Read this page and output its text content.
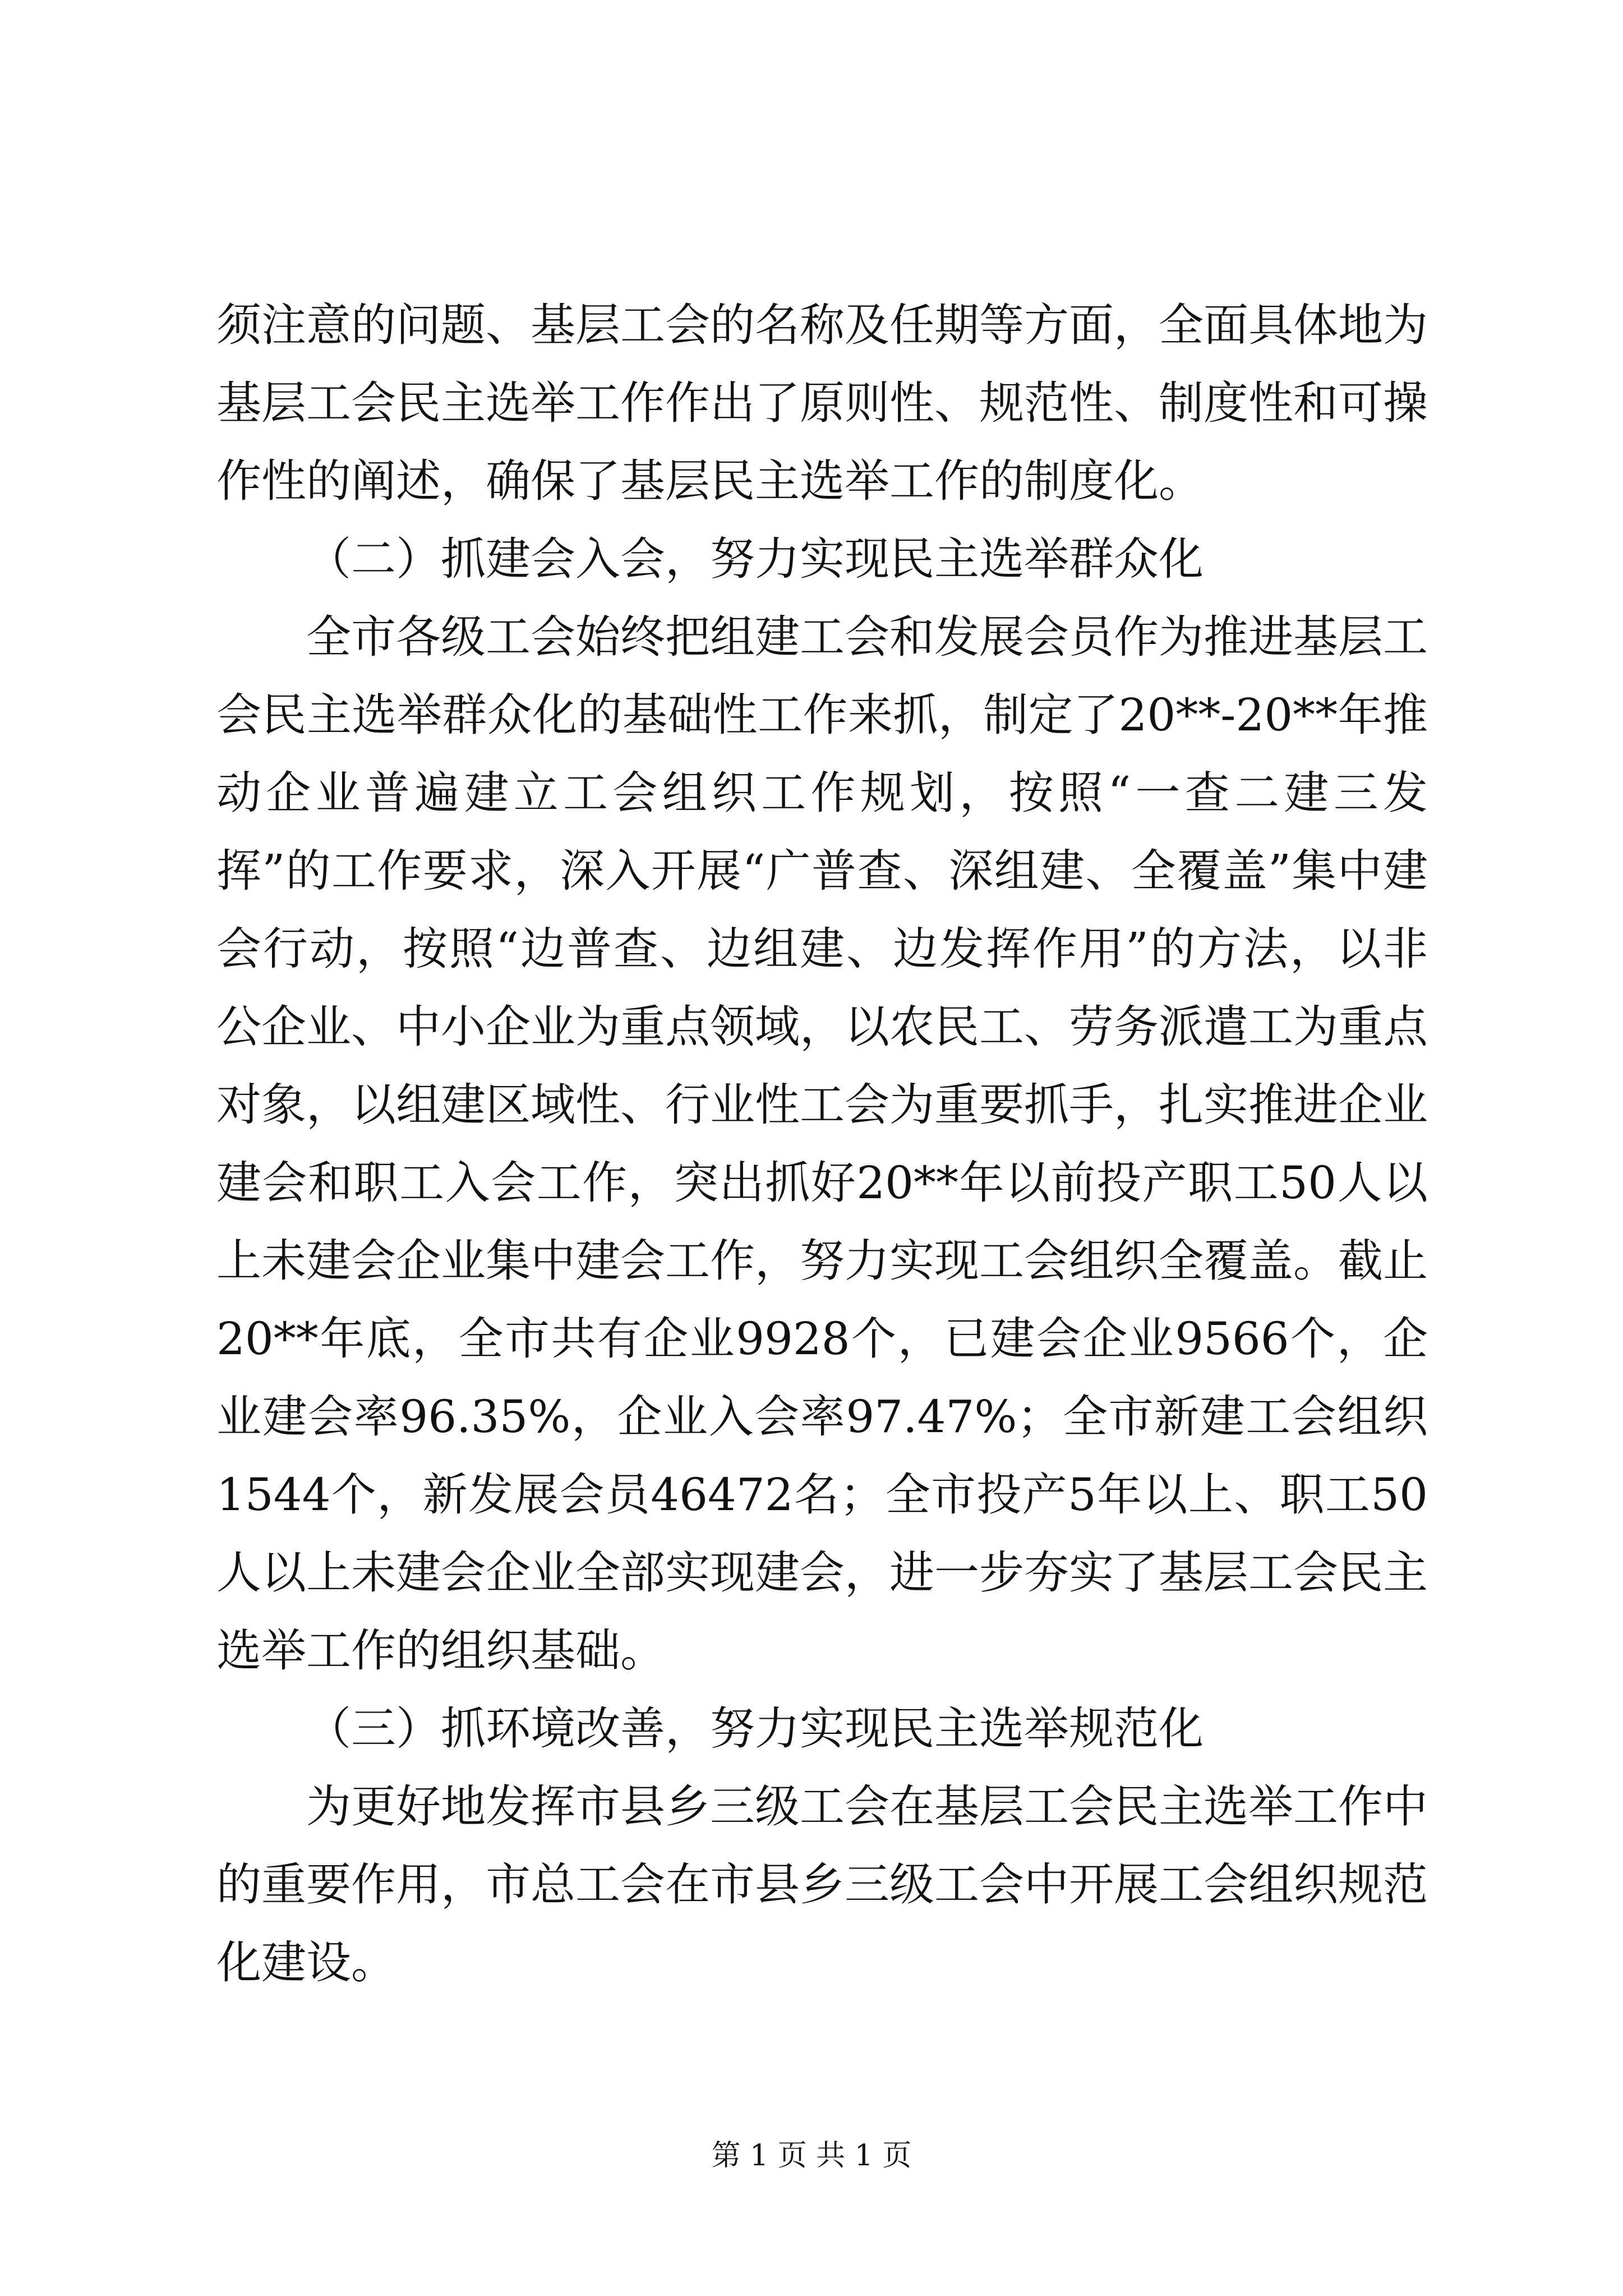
须注意的问题、基层工会的名称及任期等方面，全面具体地为基层工会民主选举工作作出了原则性、规范性、制度性和可操作性的阐述，确保了基层民主选举工作的制度化。

（二）抓建会入会，努力实现民主选举群众化

全市各级工会始终把组建工会和发展会员作为推进基层工会民主选举群众化的基础性工作来抓，制定了20**-20**年推动企业普遍建立工会组织工作规划，按照“一查二建三发挥”的工作要求，深入开展“广普查、深组建、全覆盖”集中建会行动，按照“边普查、边组建、边发挥作用”的方法，以非公企业、中小企业为重点领域，以农民工、劳务派遣工为重点对象，以组建区域性、行业性工会为重要抓手，扎实推进企业建会和职工入会工作，突出抓好20**年以前投产职工50人以上未建会企业集中建会工作，努力实现工会组织全覆盖。截止20**年底，全市共有企业9928个，已建会企业9566个，企业建会率96.35%，企业入会率97.47%；全市新建工会组织1544个，新发展会员46472名；全市投产5年以上、职工50人以上未建会企业全部实现建会，进一步夯实了基层工会民主选举工作的组织基础。

（三）抓环境改善，努力实现民主选举规范化

为更好地发挥市县乡三级工会在基层工会民主选举工作中的重要作用，市总工会在市县乡三级工会中开展工会组织规范化建设。

第 1 页 共 1 页
